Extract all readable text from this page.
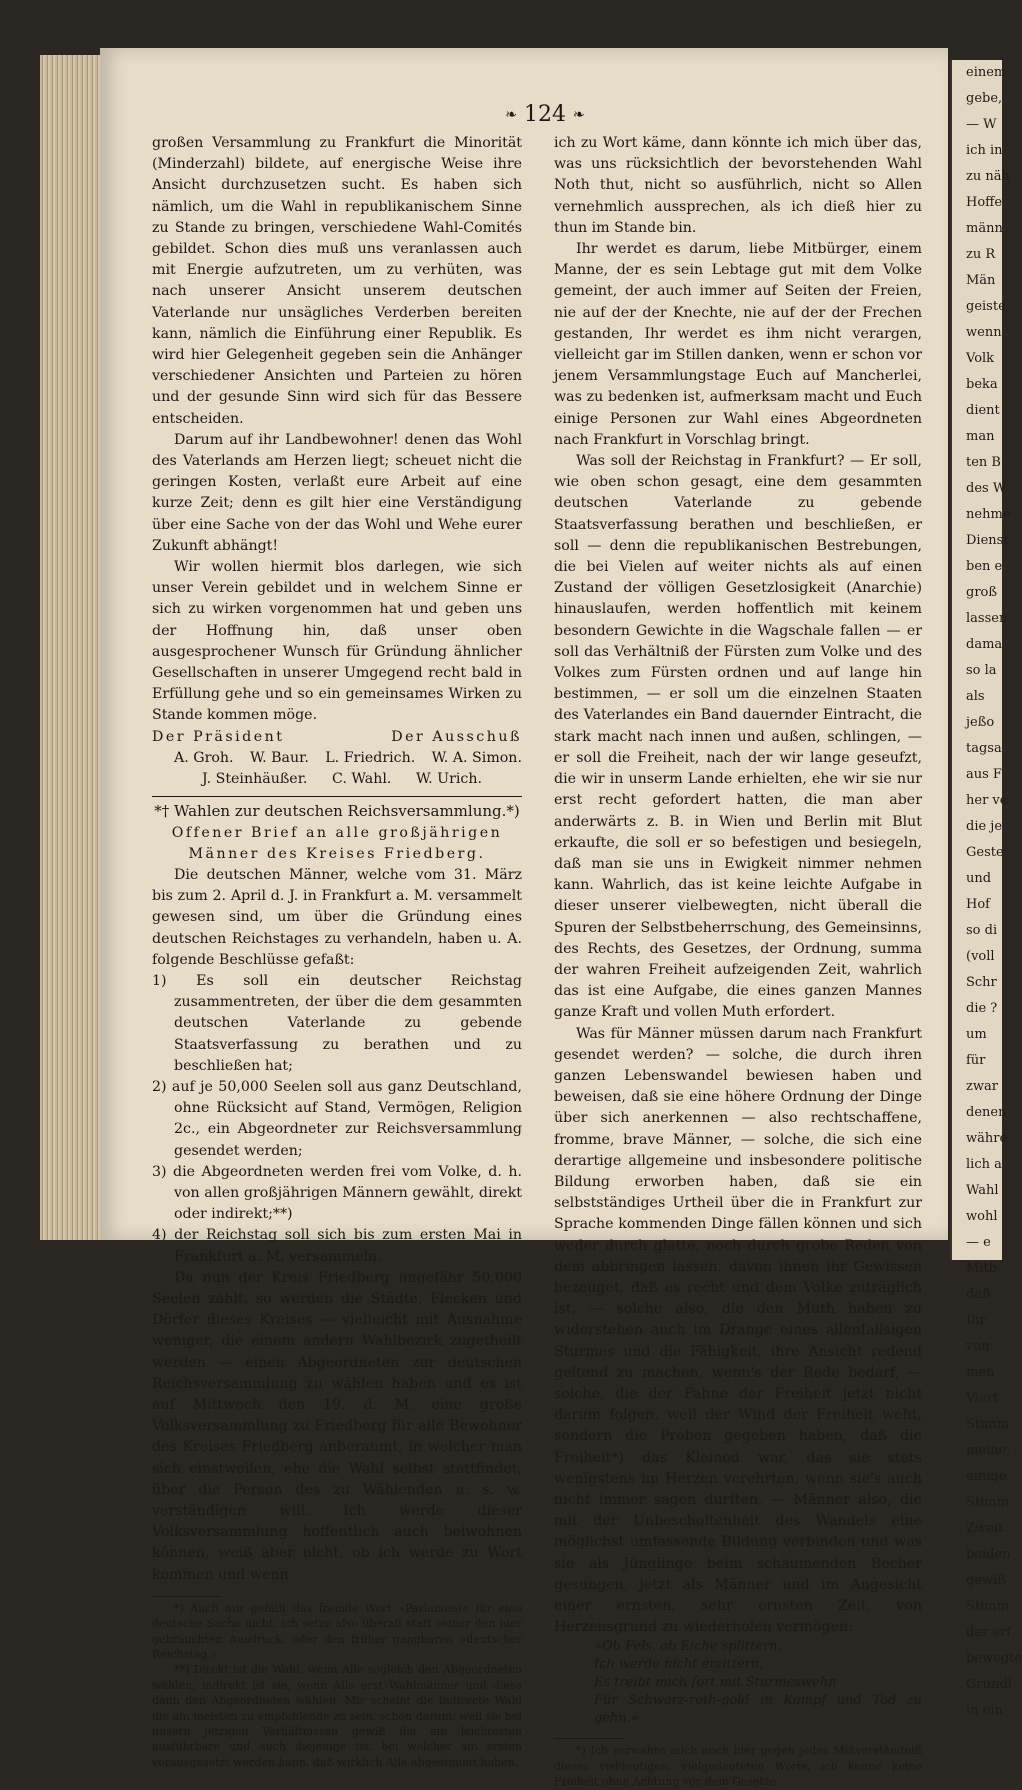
❧ 124 ❧

großen Versammlung zu Frankfurt die Minorität (Minderzahl) bildete, auf energische Weise ihre Ansicht durchzusetzen sucht. Es haben sich nämlich, um die Wahl in republikanischem Sinne zu Stande zu bringen, verschiedene Wahl-Comités gebildet. Schon dies muß uns veranlassen auch mit Energie aufzutreten, um zu verhüten, was nach unserer Ansicht unserem deutschen Vaterlande nur unsägliches Verderben bereiten kann, nämlich die Einführung einer Republik. Es wird hier Gelegenheit gegeben sein die Anhänger verschiedener Ansichten und Parteien zu hören und der gesunde Sinn wird sich für das Bessere entscheiden.

Darum auf ihr Landbewohner! denen das Wohl des Vaterlands am Herzen liegt; scheuet nicht die geringen Kosten, verlaßt eure Arbeit auf eine kurze Zeit; denn es gilt hier eine Verständigung über eine Sache von der das Wohl und Wehe eurer Zukunft abhängt!

Wir wollen hiermit blos darlegen, wie sich unser Verein gebildet und in welchem Sinne er sich zu wirken vorgenommen hat und geben uns der Hoffnung hin, daß unser oben ausgesprochener Wunsch für Gründung ähnlicher Gesellschaften in unserer Umgegend recht bald in Erfüllung gehe und so ein gemeinsames Wirken zu Stande kommen möge.

Der Präsident	Der Ausschuß
A. Groh. W. Baur. L. Friedrich. W. A. Simon.
J. Steinhäußer. C. Wahl. W. Urich.

*† Wahlen zur deutschen Reichsversammlung.*)

Offener Brief an alle großjährigen Männer des Kreises Friedberg.

Die deutschen Männer, welche vom 31. März bis zum 2. April d. J. in Frankfurt a. M. versammelt gewesen sind, um über die Gründung eines deutschen Reichstages zu verhandeln, haben u. A. folgende Beschlüsse gefaßt:

1) Es soll ein deutscher Reichstag zusammentreten, der über die dem gesammten deutschen Vaterlande zu gebende Staatsverfassung zu berathen und zu beschließen hat;

2) auf je 50,000 Seelen soll aus ganz Deutschland, ohne Rücksicht auf Stand, Vermögen, Religion 2c., ein Abgeordneter zur Reichsversammlung gesendet werden;

3) die Abgeordneten werden frei vom Volke, d. h. von allen großjährigen Männern gewählt, direkt oder indirekt;**)

4) der Reichstag soll sich bis zum ersten Mai in Frankfurt a. M. versammeln.

Da nun der Kreis Friedberg ungefähr 50,000 Seelen zählt, so werden die Städte, Flecken und Dörfer dieses Kreises — vielleicht mit Ausnahme weniger, die einem andern Wahlbezirk zugetheilt werden — einen Abgeordneten zur deutschen Reichsversammlung zu wählen haben und es ist auf Mittwoch den 19. d. M. eine große Volksversammlung zu Friedberg für alle Bewohner des Kreises Friedberg anberaumt, in welcher man sich einstweilen, ehe die Wahl selbst stattfindet, über die Person des zu Wählenden u. s. w. verständigen will. Ich werde dieser Volksversammlung hoffentlich auch beiwohnen können, weiß aber nicht, ob ich werde zu Wort kommen und wenn

*) Auch mir gefällt das fremde Wort »Parlament« für eine deutsche Sache nicht; ich setze also überall statt seiner den hier gebrauchten Ausdruck, oder den früher gangbaren »deutscher Reichstag.«

**) Direkt ist die Wahl, wenn Alle sogleich den Abgeordneten wählen; indirekt ist sie, wenn Alle erst Wahlmänner und diese dann den Abgeordneten wählen. Mir scheint die indirecte Wahl die am meisten zu empfehlende zu sein, schon darum, weil sie bei unsern jetzigen Verhältnissen gewiß die am leichtesten ausführbare und auch diejenige ist, bei welcher am ersten vorausgesetzt werden kann, daß wirklich Alle abgestimmt haben.

ich zu Wort käme, dann könnte ich mich über das, was uns rücksichtlich der bevorstehenden Wahl Noth thut, nicht so ausführlich, nicht so Allen vernehmlich aussprechen, als ich dieß hier zu thun im Stande bin.

Ihr werdet es darum, liebe Mitbürger, einem Manne, der es sein Lebtage gut mit dem Volke gemeint, der auch immer auf Seiten der Freien, nie auf der der Knechte, nie auf der der Frechen gestanden, Ihr werdet es ihm nicht verargen, vielleicht gar im Stillen danken, wenn er schon vor jenem Versammlungstage Euch auf Mancherlei, was zu bedenken ist, aufmerksam macht und Euch einige Personen zur Wahl eines Abgeordneten nach Frankfurt in Vorschlag bringt.

Was soll der Reichstag in Frankfurt? — Er soll, wie oben schon gesagt, eine dem gesammten deutschen Vaterlande zu gebende Staatsverfassung berathen und beschließen, er soll — denn die republikanischen Bestrebungen, die bei Vielen auf weiter nichts als auf einen Zustand der völligen Gesetzlosigkeit (Anarchie) hinauslaufen, werden hoffentlich mit keinem besondern Gewichte in die Wagschale fallen — er soll das Verhältniß der Fürsten zum Volke und des Volkes zum Fürsten ordnen und auf lange hin bestimmen, — er soll um die einzelnen Staaten des Vaterlandes ein Band dauernder Eintracht, die stark macht nach innen und außen, schlingen, — er soll die Freiheit, nach der wir lange geseufzt, die wir in unserm Lande erhielten, ehe wir sie nur erst recht gefordert hatten, die man aber anderwärts z. B. in Wien und Berlin mit Blut erkaufte, die soll er so befestigen und besiegeln, daß man sie uns in Ewigkeit nimmer nehmen kann. Wahrlich, das ist keine leichte Aufgabe in dieser unserer vielbewegten, nicht überall die Spuren der Selbstbeherrschung, des Gemeinsinns, des Rechts, des Gesetzes, der Ordnung, summa der wahren Freiheit aufzeigenden Zeit, wahrlich das ist eine Aufgabe, die eines ganzen Mannes ganze Kraft und vollen Muth erfordert.

Was für Männer müssen darum nach Frankfurt gesendet werden? — solche, die durch ihren ganzen Lebenswandel bewiesen haben und beweisen, daß sie eine höhere Ordnung der Dinge über sich anerkennen — also rechtschaffene, fromme, brave Männer, — solche, die sich eine derartige allgemeine und insbesondere politische Bildung erworben haben, daß sie ein selbstständiges Urtheil über die in Frankfurt zur Sprache kommenden Dinge fällen können und sich weder durch glatte, noch durch grobe Reden von dem abbringen lassen, davon ihnen ihr Gewissen bezeuget, daß es recht und dem Volke zuträglich ist, — solche also, die den Muth haben zu widerstehen auch im Drange eines allenfallsigen Sturmes und die Fähigkeit, ihre Ansicht redend geltend zu machen, wenn's der Rede bedarf, — solche, die der Fahne der Freiheit jetzt nicht darum folgen, weil der Wind der Freiheit weht, sondern die Proben gegeben haben, daß die Freiheit*) das Kleinod war, das sie stets wenigstens im Herzen verehrten, wenn sie's auch nicht immer sagen durften, — Männer also, die mit der Unbescholtenheit des Wandels eine möglichst umfassende Bildung verbinden und was sie als Jünglinge beim schäumenden Becher gesungen, jetzt als Männer und im Angesicht einer ernsten, sehr ernsten Zeit, von Herzensgrund zu wiederholen vermögen:

»Ob Fels, ob Eiche splittern,
Ich werde nicht erzittern,
Es treibt mich fort mit Sturmeswehn
Für Schwarz-roth-gold in Kampf und Tod zu gehn.«

*) Ich verwahre mich auch hier gegen jedes Mißverständniß dieses vieldeutigen, vielgedeuteten Worts, ich kenne keine Freiheit ohne Achtung vor dem Gesetze.

einem
gebe,
— W
ich in
zu näh
Hoffe
männ
zu R
Män
geiste
wenn
Volk
beka
dient
man
ten B
des W
nehme
Dienst
ben e
groß
lassen
dama
so la
als
jeßo
tagsa
aus F
her ve
die je
Geste
und
Hof
so di
(voll
Schr
die ?
um
für
zwar
denen
währe
lich a
Wahl
wohl
— e
Mitb
daß
Ihr
von
men
Viert
Stimm
meine,
einige
Stimm
Zweit
beiden
gewiß
Stimm
der erf
bewegte
Grundl
in ein
